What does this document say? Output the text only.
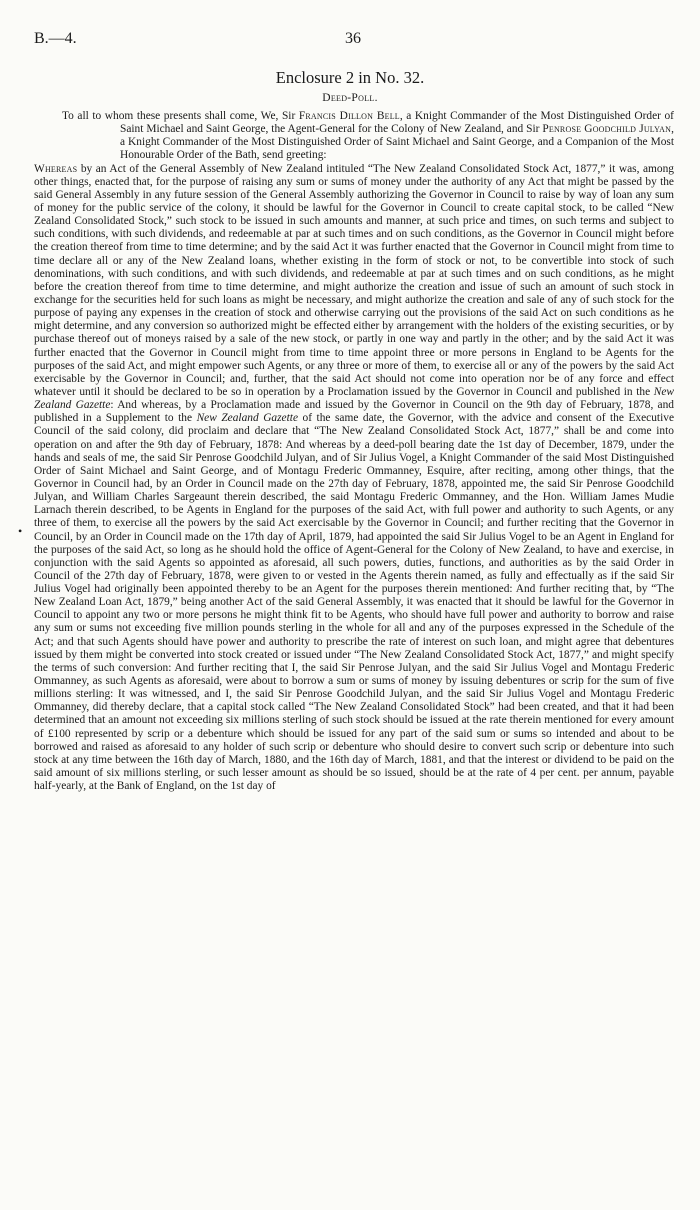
B.—4.	36
Enclosure 2 in No. 32.
Deed-Poll.
•

To all to whom these presents shall come, We, Sir Francis Dillon Bell, a Knight Commander of the Most Distinguished Order of Saint Michael and Saint George, the Agent-General for the Colony of New Zealand, and Sir Penrose Goodchild Julyan, a Knight Commander of the Most Distinguished Order of Saint Michael and Saint George, and a Companion of the Most Honourable Order of the Bath, send greeting:

Whereas by an Act of the General Assembly of New Zealand intituled “The New Zealand Consolidated Stock Act, 1877,” it was, among other things, enacted that, for the purpose of raising any sum or sums of money under the authority of any Act that might be passed by the said General Assembly in any future session of the General Assembly authorizing the Governor in Council to raise by way of loan any sum of money for the public service of the colony, it should be lawful for the Governor in Council to create capital stock, to be called “New Zealand Consolidated Stock,” such stock to be issued in such amounts and manner, at such price and times, on such terms and subject to such conditions, with such dividends, and redeemable at par at such times and on such conditions, as the Governor in Council might before the creation thereof from time to time determine; and by the said Act it was further enacted that the Governor in Council might from time to time declare all or any of the New Zealand loans, whether existing in the form of stock or not, to be convertible into stock of such denominations, with such conditions, and with such dividends, and redeemable at par at such times and on such conditions, as he might before the creation thereof from time to time determine, and might authorize the creation and issue of such an amount of such stock in exchange for the securities held for such loans as might be necessary, and might authorize the creation and sale of any of such stock for the purpose of paying any expenses in the creation of stock and otherwise carrying out the provisions of the said Act on such conditions as he might determine, and any conversion so authorized might be effected either by arrangement with the holders of the existing securities, or by purchase thereof out of moneys raised by a sale of the new stock, or partly in one way and partly in the other; and by the said Act it was further enacted that the Governor in Council might from time to time appoint three or more persons in England to be Agents for the purposes of the said Act, and might empower such Agents, or any three or more of them, to exercise all or any of the powers by the said Act exercisable by the Governor in Council; and, further, that the said Act should not come into operation nor be of any force and effect whatever until it should be declared to be so in operation by a Proclamation issued by the Governor in Council and published in the New Zealand Gazette: And whereas, by a Proclamation made and issued by the Governor in Council on the 9th day of February, 1878, and published in a Supplement to the New Zealand Gazette of the same date, the Governor, with the advice and consent of the Executive Council of the said colony, did proclaim and declare that “The New Zealand Consolidated Stock Act, 1877,” shall be and come into operation on and after the 9th day of February, 1878: And whereas by a deed-poll bearing date the 1st day of December, 1879, under the hands and seals of me, the said Sir Penrose Goodchild Julyan, and of Sir Julius Vogel, a Knight Commander of the said Most Distinguished Order of Saint Michael and Saint George, and of Montagu Frederic Ommanney, Esquire, after reciting, among other things, that the Governor in Council had, by an Order in Council made on the 27th day of February, 1878, appointed me, the said Sir Penrose Goodchild Julyan, and William Charles Sargeaunt therein described, the said Montagu Frederic Ommanney, and the Hon. William James Mudie Larnach therein described, to be Agents in England for the purposes of the said Act, with full power and authority to such Agents, or any three of them, to exercise all the powers by the said Act exercisable by the Governor in Council; and further reciting that the Governor in Council, by an Order in Council made on the 17th day of April, 1879, had appointed the said Sir Julius Vogel to be an Agent in England for the purposes of the said Act, so long as he should hold the office of Agent-General for the Colony of New Zealand, to have and exercise, in conjunction with the said Agents so appointed as aforesaid, all such powers, duties, functions, and authorities as by the said Order in Council of the 27th day of February, 1878, were given to or vested in the Agents therein named, as fully and effectually as if the said Sir Julius Vogel had originally been appointed thereby to be an Agent for the purposes therein mentioned: And further reciting that, by “The New Zealand Loan Act, 1879,” being another Act of the said General Assembly, it was enacted that it should be lawful for the Governor in Council to appoint any two or more persons he might think fit to be Agents, who should have full power and authority to borrow and raise any sum or sums not exceeding five million pounds sterling in the whole for all and any of the purposes expressed in the Schedule of the Act; and that such Agents should have power and authority to prescribe the rate of interest on such loan, and might agree that debentures issued by them might be converted into stock created or issued under “The New Zealand Consolidated Stock Act, 1877,” and might specify the terms of such conversion: And further reciting that I, the said Sir Penrose Julyan, and the said Sir Julius Vogel and Montagu Frederic Ommanney, as such Agents as aforesaid, were about to borrow a sum or sums of money by issuing debentures or scrip for the sum of five millions sterling: It was witnessed, and I, the said Sir Penrose Goodchild Julyan, and the said Sir Julius Vogel and Montagu Frederic Ommanney, did thereby declare, that a capital stock called “The New Zealand Consolidated Stock” had been created, and that it had been determined that an amount not exceeding six millions sterling of such stock should be issued at the rate therein mentioned for every amount of £100 represented by scrip or a debenture which should be issued for any part of the said sum or sums so intended and about to be borrowed and raised as aforesaid to any holder of such scrip or debenture who should desire to convert such scrip or debenture into such stock at any time between the 16th day of March, 1880, and the 16th day of March, 1881, and that the interest or dividend to be paid on the said amount of six millions sterling, or such lesser amount as should be so issued, should be at the rate of 4 per cent. per annum, payable half-yearly, at the Bank of England, on the 1st day of
